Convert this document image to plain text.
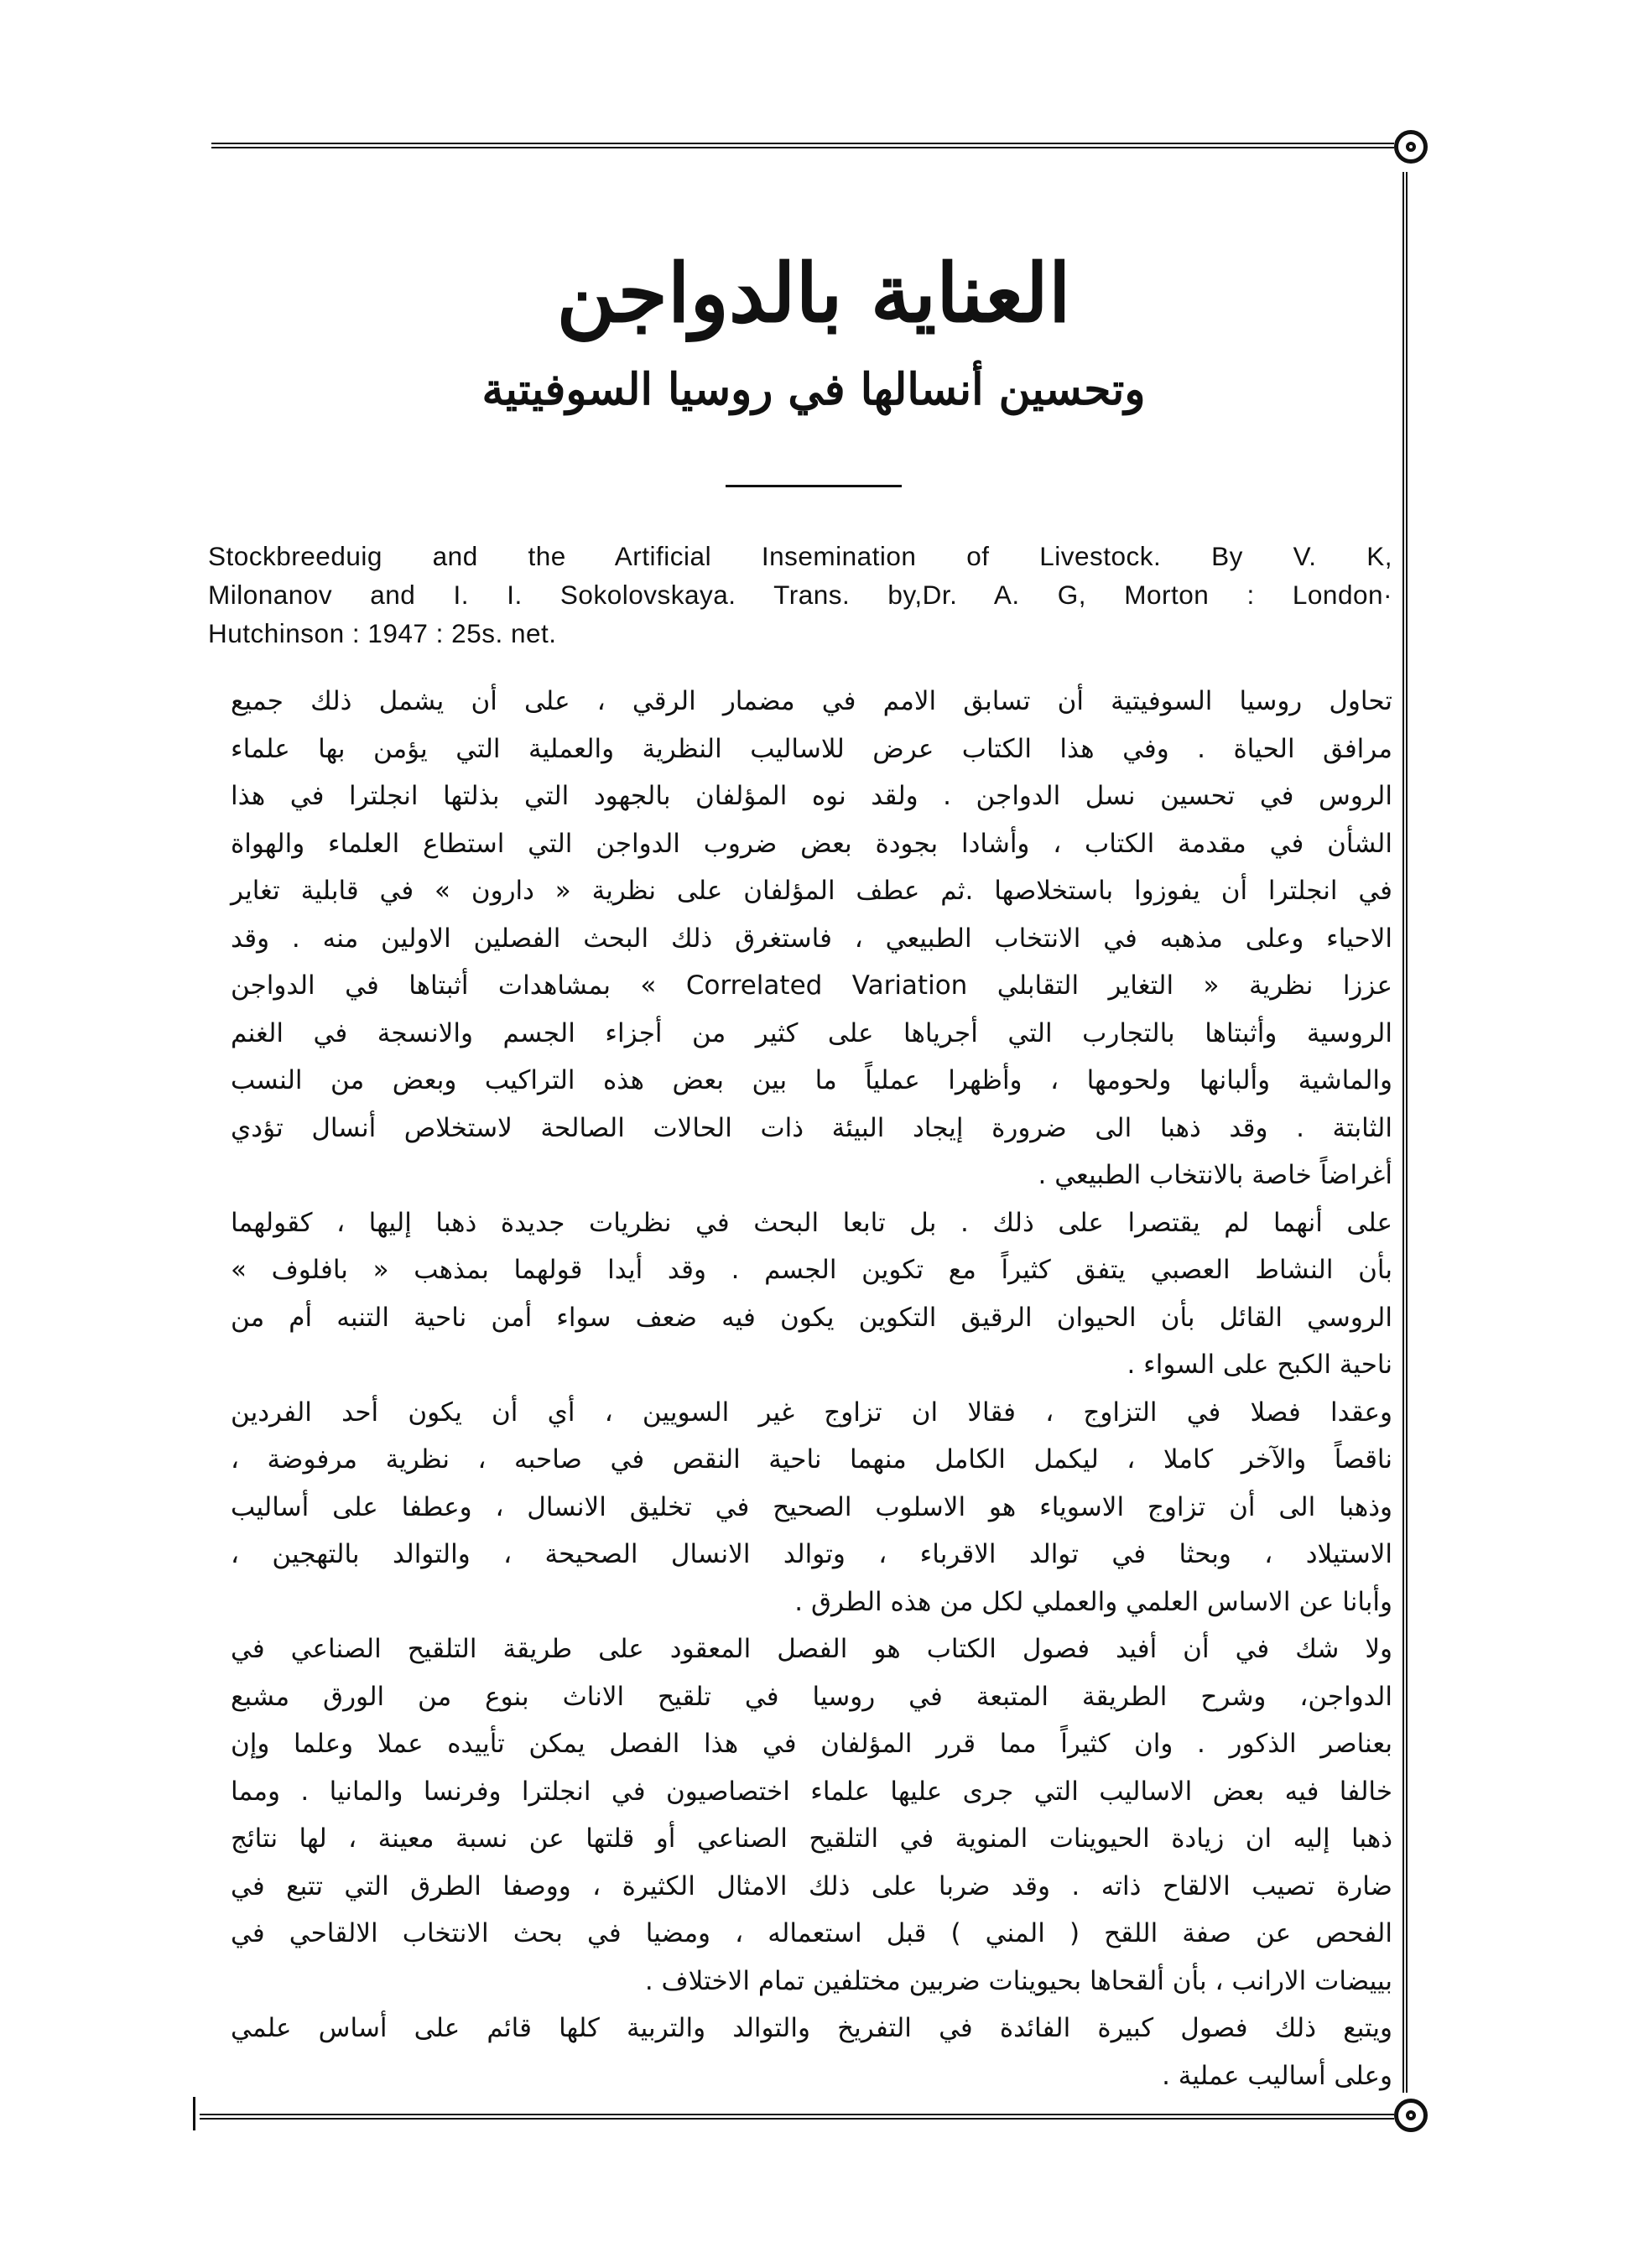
العناية بالدواجن
وتحسين أنسالها في روسيا السوفيتية
Stockbreeduig and the Artificial Insemination of Livestock. By V. K,
Milonanov and I. I. Sokolovskaya. Trans. by,Dr. A. G, Morton : London·
Hutchinson : 1947 : 25s. net.

تحاول روسيا السوفيتية أن تسابق الامم في مضمار الرقي ، على أن يشمل ذلك جميع
مرافق الحياة . وفي هذا الكتاب عرض للاساليب النظرية والعملية التي يؤمن بها علماء
الروس في تحسين نسل الدواجن . ولقد نوه المؤلفان بالجهود التي بذلتها انجلترا في هذا
الشأن في مقدمة الكتاب ، وأشادا بجودة بعض ضروب الدواجن التي استطاع العلماء والهواة
في انجلترا أن يفوزوا باستخلاصها .ثم عطف المؤلفان على نظرية « دارون » في قابلية تغاير
الاحياء وعلى مذهبه في الانتخاب الطبيعي ، فاستغرق ذلك البحث الفصلين الاولين منه . وقد
عززا نظرية « التغاير التقابلي Correlated Variation » بمشاهدات أثبتاها في الدواجن
الروسية وأثبتاها بالتجارب التي أجرياها على كثير من أجزاء الجسم والانسجة في الغنم
والماشية وألبانها ولحومها ، وأظهرا عملياً ما بين بعض هذه التراكيب وبعض من النسب
الثابتة . وقد ذهبا الى ضرورة إيجاد البيئة ذات الحالات الصالحة لاستخلاص أنسال تؤدي
أغراضاً خاصة بالانتخاب الطبيعي .

على أنهما لم يقتصرا على ذلك . بل تابعا البحث في نظريات جديدة ذهبا إليها ، كقولهما
بأن النشاط العصبي يتفق كثيراً مع تكوين الجسم . وقد أيدا قولهما بمذهب « بافلوف »
الروسي القائل بأن الحيوان الرقيق التكوين يكون فيه ضعف سواء أمن ناحية التنبه أم من
ناحية الكبح على السواء .

وعقدا فصلا في التزاوج ، فقالا ان تزاوج غير السويين ، أي أن يكون أحد الفردين
ناقصاً والآخر كاملا ، ليكمل الكامل منهما ناحية النقص في صاحبه ، نظرية مرفوضة ،
وذهبا الى أن تزاوج الاسوياء هو الاسلوب الصحيح في تخليق الانسال ، وعطفا على أساليب
الاستيلاد ، وبحثا في توالد الاقرباء ، وتوالد الانسال الصحيحة ، والتوالد بالتهجين ،
وأبانا عن الاساس العلمي والعملي لكل من هذه الطرق .

ولا شك في أن أفيد فصول الكتاب هو الفصل المعقود على طريقة التلقيح الصناعي في
الدواجن، وشرح الطريقة المتبعة في روسيا في تلقيح الاناث بنوع من الورق مشبع
بعناصر الذكور . وان كثيراً مما قرر المؤلفان في هذا الفصل يمكن تأييده عملا وعلما وإن
خالفا فيه بعض الاساليب التي جرى عليها علماء اختصاصيون في انجلترا وفرنسا والمانيا . ومما
ذهبا إليه ان زيادة الحيوينات المنوية في التلقيح الصناعي أو قلتها عن نسبة معينة ، لها نتائج
ضارة تصيب الالقاح ذاته . وقد ضربا على ذلك الامثال الكثيرة ، ووصفا الطرق التي تتبع في
الفحص عن صفة اللقح ( المني ) قبل استعماله ، ومضيا في بحث الانتخاب الالقاحي في
بييضات الارانب ، بأن ألقحاها بحيوينات ضربين مختلفين تمام الاختلاف .

ويتبع ذلك فصول كبيرة الفائدة في التفريخ والتوالد والتربية كلها قائم على أساس علمي
وعلى أساليب عملية .
